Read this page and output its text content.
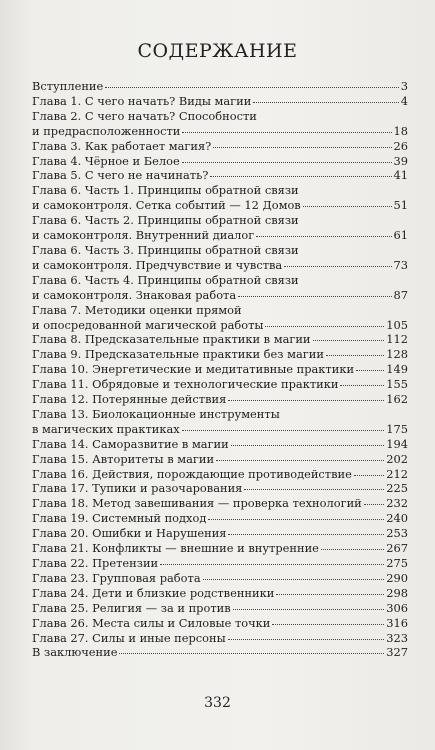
СОДЕРЖАНИЕ
Вступление	3
Глава 1. С чего начать? Виды магии	4
Глава 2. С чего начать? Способности
и предрасположенности	18
Глава 3. Как работает магия?	26
Глава 4. Чёрное и Белое	39
Глава 5. С чего не начинать?	41
Глава 6. Часть 1. Принципы обратной связи
и самоконтроля. Сетка событий — 12 Домов	51
Глава 6. Часть 2. Принципы обратной связи
и самоконтроля. Внутренний диалог	61
Глава 6. Часть 3. Принципы обратной связи
и самоконтроля. Предчувствие и чувства	73
Глава 6. Часть 4. Принципы обратной связи
и самоконтроля. Знаковая работа	87
Глава 7. Методики оценки прямой
и опосредованной магической работы	105
Глава 8. Предсказательные практики в магии	112
Глава 9. Предсказательные практики без магии	128
Глава 10. Энергетические и медитативные практики	149
Глава 11. Обрядовые и технологические практики	155
Глава 12. Потерянные действия	162
Глава 13. Биолокационные инструменты
в магических практиках	175
Глава 14. Саморазвитие в магии	194
Глава 15. Авторитеты в магии	202
Глава 16. Действия, порождающие противодействие	212
Глава 17. Тупики и разочарования	225
Глава 18. Метод завешивания — проверка технологий 232
Глава 19. Системный подход	240
Глава 20. Ошибки и Нарушения	253
Глава 21. Конфликты — внешние и внутренние	267
Глава 22. Претензии	275
Глава 23. Групповая работа	290
Глава 24. Дети и близкие родственники	298
Глава 25. Религия — за и против	306
Глава 26. Места силы и Силовые точки	316
Глава 27. Силы и иные персоны	323
В заключение	327
332
